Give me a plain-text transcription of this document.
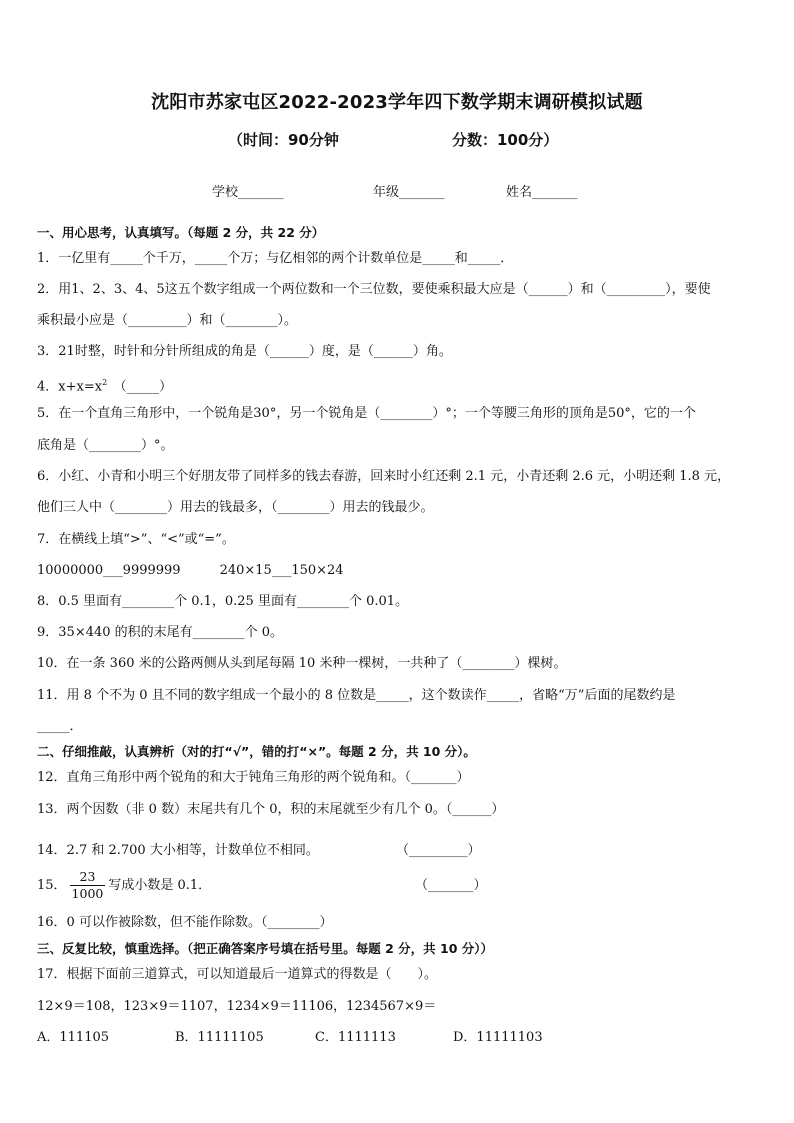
沈阳市苏家屯区2022-2023学年四下数学期末调研模拟试题
（时间：90分钟	分数：100分）
学校_______	年级_______	姓名_______
一、用心思考，认真填写。（每题 2 分，共 22 分）
1．一亿里有_____个千万，_____个万；与亿相邻的两个计数单位是_____和_____．
2．用1、2、3、4、5这五个数字组成一个两位数和一个三位数，要使乘积最大应是（______）和（_________），要使
乘积最小应是（_________）和（________）。
3．21时整，时针和分针所组成的角是（______）度，是（______）角。
4．$x+x=x^2$　（_____）
5．在一个直角三角形中，一个锐角是30°，另一个锐角是（________）°；一个等腰三角形的顶角是50°，它的一个
底角是（________）°。
6．小红、小青和小明三个好朋友带了同样多的钱去春游，回来时小红还剩 2.1 元，小青还剩 2.6 元，小明还剩 1.8 元，
他们三人中（________）用去的钱最多，（________）用去的钱最少。
7．在横线上填“>”、“<”或“=”。
10000000___9999999　　　240×15___150×24
8．0.5 里面有________个 0.1，0.25 里面有________个 0.01。
9．35×440 的积的末尾有________个 0。
10．在一条 360 米的公路两侧从头到尾每隔 10 米种一棵树，一共种了（________）棵树。
11．用 8 个不为 0 且不同的数字组成一个最小的 8 位数是_____，这个数读作_____，省略“万”后面的尾数约是
_____．
二、仔细推敲，认真辨析（对的打“√”，错的打“×”。每题 2 分，共 10 分）。
12．直角三角形中两个锐角的和大于钝角三角形的两个锐角和。（_______）
13．两个因数（非 0 数）末尾共有几个 0，积的末尾就至少有几个 0。（______）
14．2.7 和 2.700 大小相等，计数单位不相同。	（_________）
15． $\frac{23}{1000}$ 写成小数是 0.1．	（_______）
16．0 可以作被除数，但不能作除数。（________）
三、反复比较，慎重选择。（把正确答案序号填在括号里。每题 2 分，共 10 分））
17．根据下面前三道算式，可以知道最后一道算式的得数是（　　）。
12×9＝108，123×9＝1107，1234×9＝11106，1234567×9＝
A．111105	B．11111105	C．1111113	D．11111103
